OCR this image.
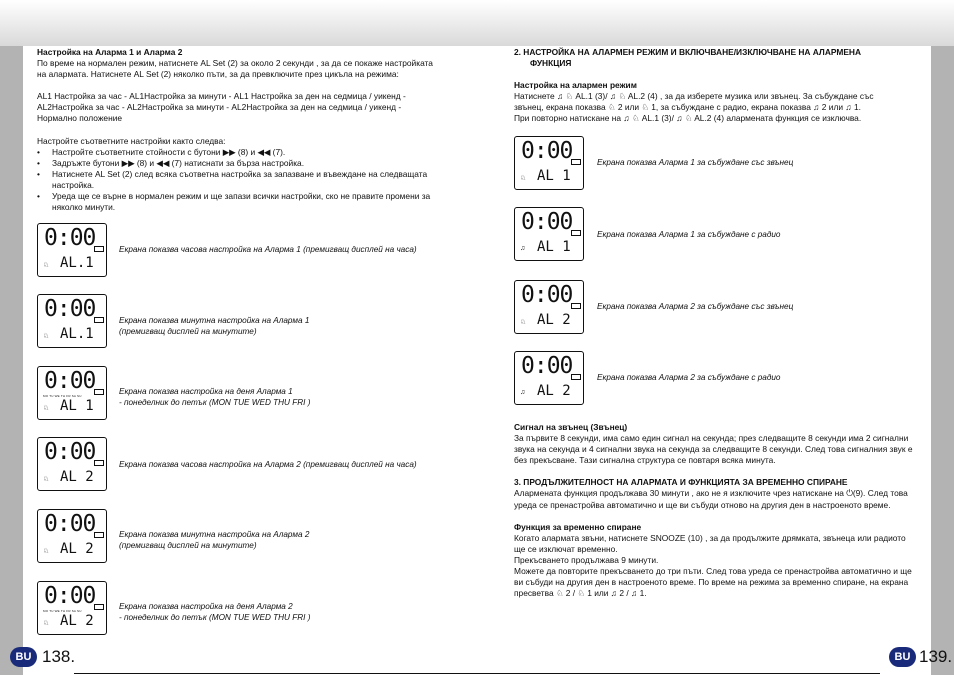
Настройка на Аларма 1 и Аларма 2

По време на нормален режим, натиснете AL Set (2) за около 2 секунди , за да се покаже настройката на алармата. Натиснете AL Set (2) няколко пъти, за да превключите през цикъла на режима:

AL1 Настройка за час - AL1Настройка за минути - AL1 Настройка за ден на седмица / уикенд - AL2Настройка за час - AL2Настройка за минути - AL2Настройка за ден на седмица / уикенд - Нормално положение

Настройте съответните настройки както следва:

• Настройте съответните стойности с бутони ▶▶ (8) и ◀◀ (7).
• Задръжте бутони ▶▶ (8) и ◀◀ (7) натиснати за бърза настройка.
• Натиснете AL Set (2) след всяка съответна настройка за запазване и въвеждане на следващата настройка.
• Уреда ще се върне в нормален режим и ще запази всички настройки, ско не правите промени за няколко минути.
0:00
♘ AL.1
Екрана показва часова настройка на Аларма 1 (премигващ дисплей на часа)
0:00
♘ AL.1
Екрана показва минутна настройка на Аларма 1
(премигващ дисплей на минутите)
0:00
MO TU WE TH FR SA SU
♘ AL 1
Екрана показва настройка на деня Аларма 1
- понеделник до петък (MON TUE WED THU FRI )
0:00
♘ AL 2
Екрана показва часова настройка на Аларма 2 (премигващ дисплей на часа)
0:00
♘ AL 2
Екрана показва минутна настройка на Аларма 2
(премигващ дисплей на минутите)
0:00
MO TU WE TH FR SA SU
♘ AL 2
Екрана показва настройка на деня Аларма 2
- понеделник до петък (MON TUE WED THU FRI )

2. НАСТРОЙКА НА АЛАРМЕН РЕЖИМ И ВКЛЮЧВАНЕ/ИЗКЛЮЧВАНЕ НА АЛАРМЕНА

ФУНКЦИЯ

Настройка на алармен режим

Натиснете ♫ ♘ AL.1 (3)/ ♫ ♘ AL.2 (4) , за да изберете музика или звънец. За събуждане със

звънец, екрана показва ♘ 2 или ♘ 1, за събуждане с радио, екрана показва ♫ 2 или ♫ 1.

При повторно натискане на ♫ ♘ AL.1 (3)/ ♫ ♘ AL.2 (4) алармената функция се изключва.

0:00
♘ AL 1
Екрана показва Аларма 1 за събуждане със звънец
0:00
♫ AL 1
Екрана показва Аларма 1 за събуждане с радио
0:00
♘ AL 2
Екрана показва Аларма 2 за събуждане със звънец
0:00
♫ AL 2
Екрана показва Аларма 2 за събуждане с радио

Сигнал на звънец (Звънец)

За първите 8 секунди, има само един сигнал на секунда; през следващите 8 секунди има 2 сигнални звука на секунда и 4 сигнални звука на секунда за следващите 8 секунди. След това сигналния звук е без прекъсване. Тази сигнална структура се повтаря всяка минута.

3. ПРОДЪЛЖИТЕЛНОСТ НА АЛАРМАТА И ФУНКЦИЯТА ЗА ВРЕМЕННО СПИРАНЕ

Алармената функция продължава 30 минути , ако не я изключите чрез натискане на ⏻(9). След това уреда се пренастройва автоматично и ще ви събуди отново на другия ден в настроеното време.

Функция за временно спиране

Когато алармата звъни, натиснете SNOOZE (10) , за да продължите дрямката, звънеца или радиото ще се изключат временно.

Прекъсването продължава 9 минути.

Можете да повторите прекъсването до три пъти. След това уреда се пренастройва автоматично и ще ви събуди на другия ден в настроеното време. По време на режима за временно спиране, на екрана пресветва ♘ 2 / ♘ 1 или ♫ 2 / ♫ 1.

BU 138.	BU 139.
